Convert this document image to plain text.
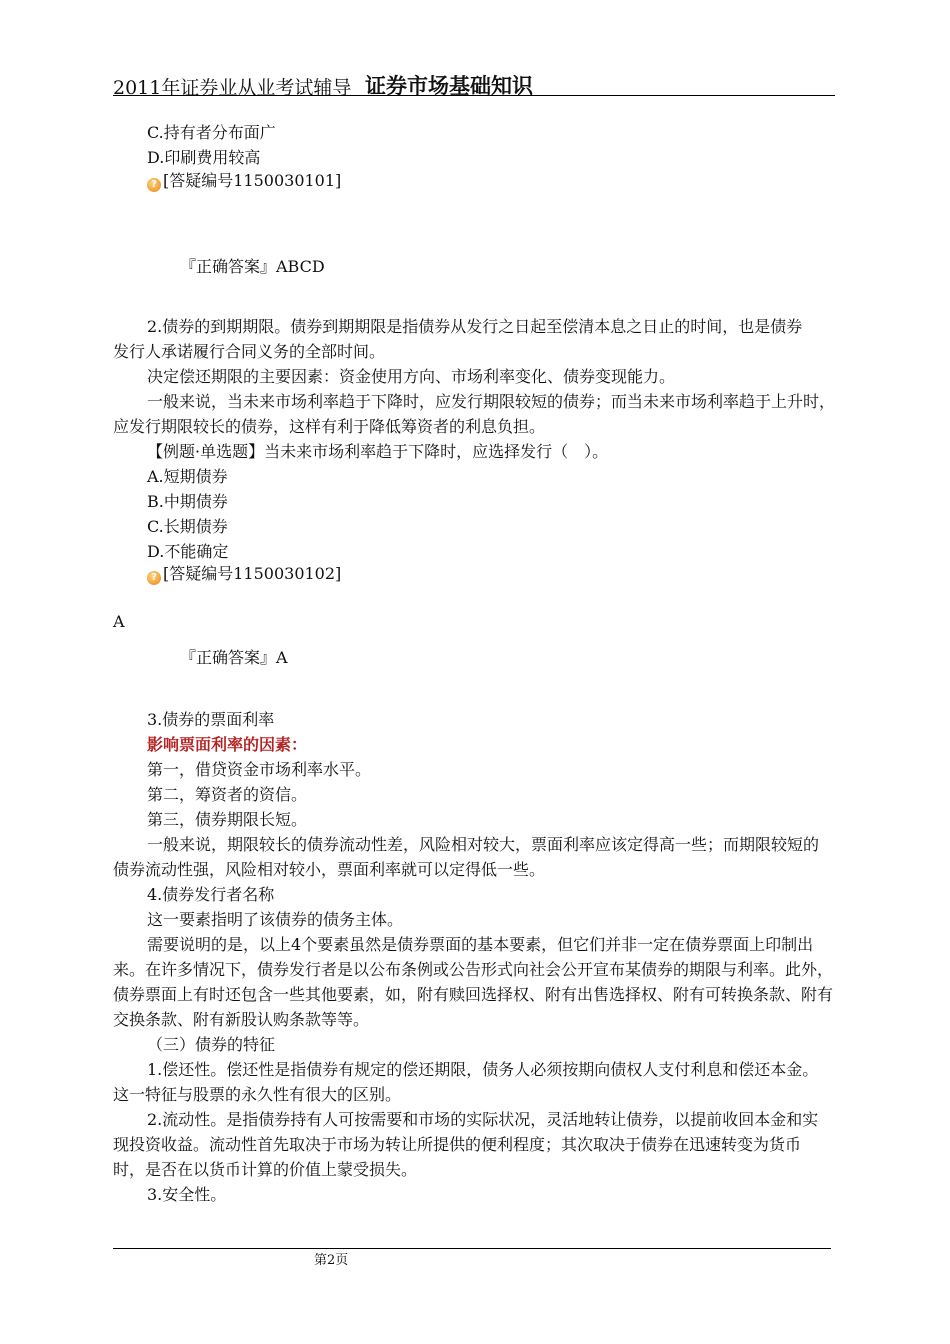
2011年证券业从业考试辅导 证券市场基础知识
C.持有者分布面广
D.印刷费用较高
? [答疑编号1150030101]
『正确答案』ABCD
2.债券的到期期限。债券到期期限是指债券从发行之日起至偿清本息之日止的时间，也是债券
发行人承诺履行合同义务的全部时间。
决定偿还期限的主要因素：资金使用方向、市场利率变化、债券变现能力。
一般来说，当未来市场利率趋于下降时，应发行期限较短的债券；而当未来市场利率趋于上升时，
应发行期限较长的债券，这样有利于降低筹资者的利息负担。
【例题·单选题】当未来市场利率趋于下降时，应选择发行（　）。
A.短期债券
B.中期债券
C.长期债券
D.不能确定
? [答疑编号1150030102]
A
『正确答案』A
3.债券的票面利率
影响票面利率的因素：
第一，借贷资金市场利率水平。
第二，筹资者的资信。
第三，债券期限长短。
一般来说，期限较长的债券流动性差，风险相对较大，票面利率应该定得高一些；而期限较短的
债券流动性强，风险相对较小，票面利率就可以定得低一些。
4.债券发行者名称
这一要素指明了该债券的债务主体。
需要说明的是，以上4个要素虽然是债券票面的基本要素，但它们并非一定在债券票面上印制出
来。在许多情况下，债券发行者是以公布条例或公告形式向社会公开宣布某债券的期限与利率。此外，
债券票面上有时还包含一些其他要素，如，附有赎回选择权、附有出售选择权、附有可转换条款、附有
交换条款、附有新股认购条款等等。
（三）债券的特征
1.偿还性。偿还性是指债券有规定的偿还期限，债务人必须按期向债权人支付利息和偿还本金。
这一特征与股票的永久性有很大的区别。
2.流动性。是指债券持有人可按需要和市场的实际状况，灵活地转让债券，以提前收回本金和实
现投资收益。流动性首先取决于市场为转让所提供的便利程度；其次取决于债券在迅速转变为货币
时，是否在以货币计算的价值上蒙受损失。
3.安全性。
第2页
